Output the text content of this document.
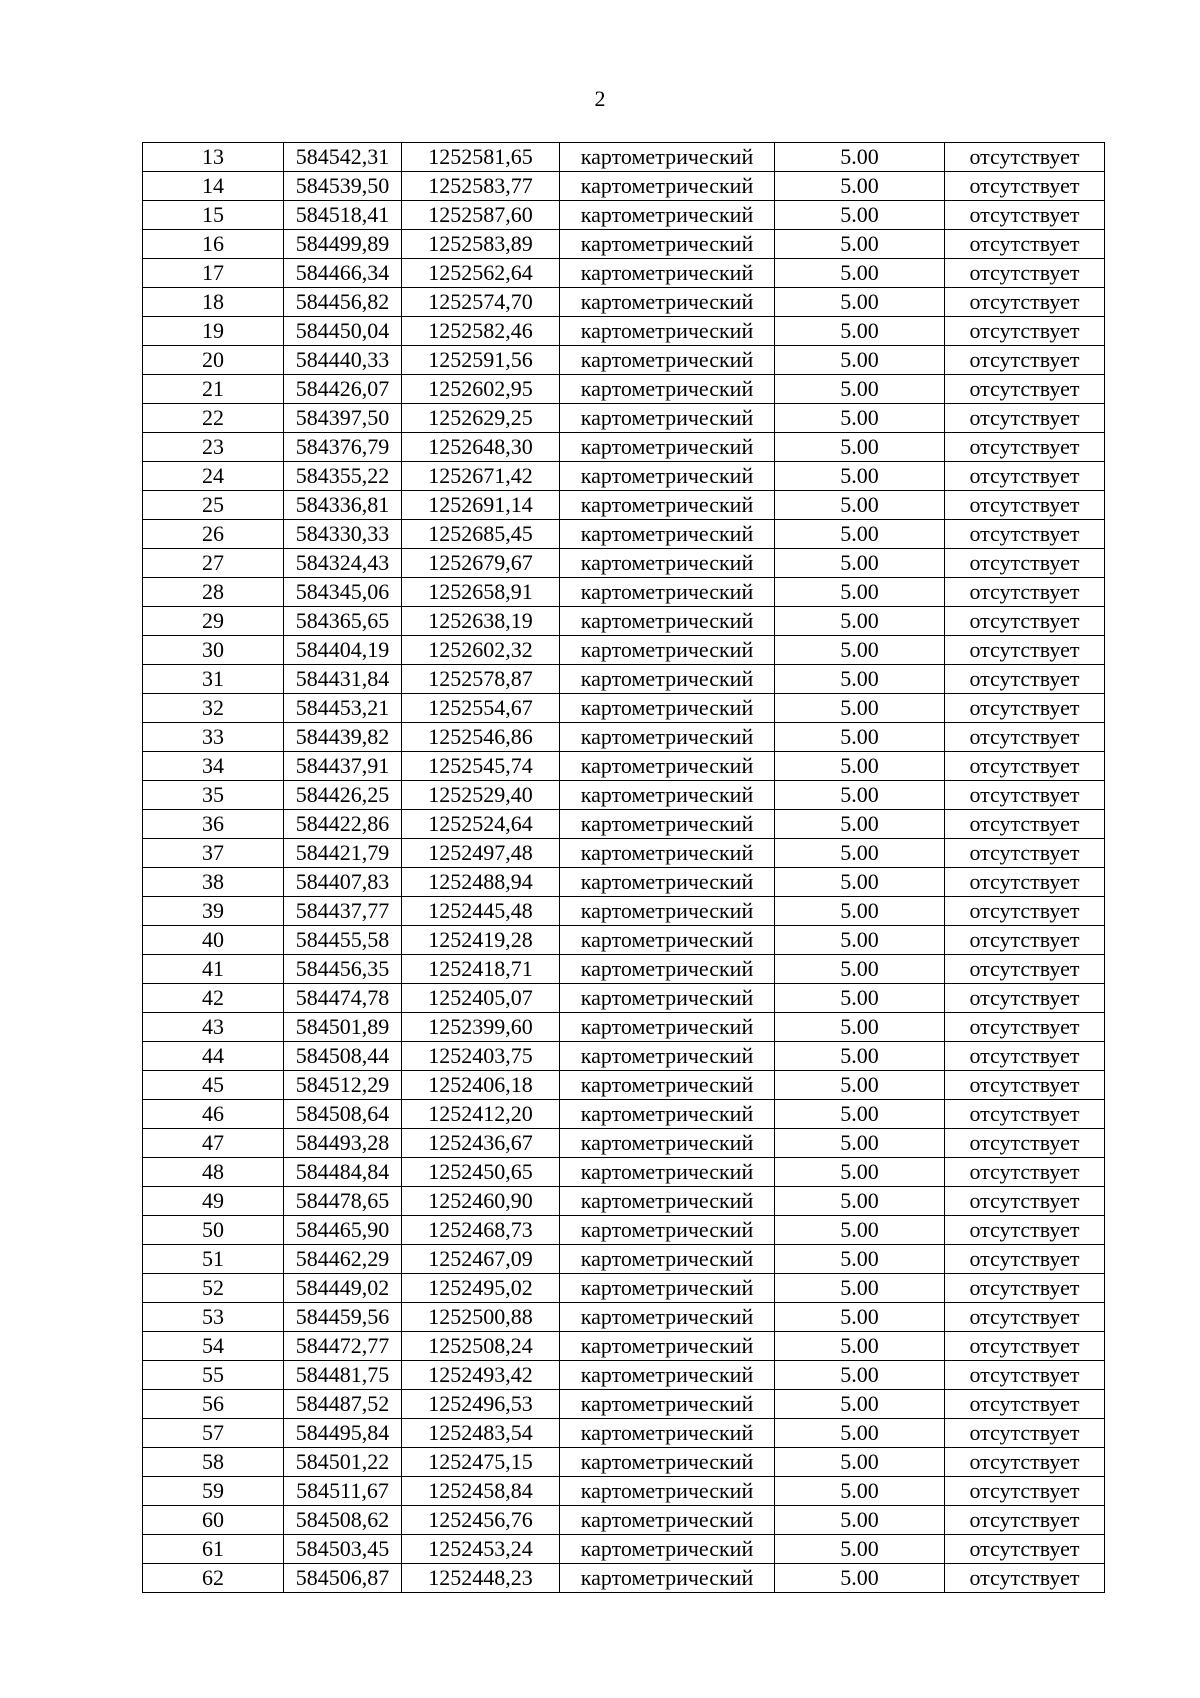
2
13	584542,31	1252581,65	картометрический	5.00	отсутствует
14	584539,50	1252583,77	картометрический	5.00	отсутствует
15	584518,41	1252587,60	картометрический	5.00	отсутствует
16	584499,89	1252583,89	картометрический	5.00	отсутствует
17	584466,34	1252562,64	картометрический	5.00	отсутствует
18	584456,82	1252574,70	картометрический	5.00	отсутствует
19	584450,04	1252582,46	картометрический	5.00	отсутствует
20	584440,33	1252591,56	картометрический	5.00	отсутствует
21	584426,07	1252602,95	картометрический	5.00	отсутствует
22	584397,50	1252629,25	картометрический	5.00	отсутствует
23	584376,79	1252648,30	картометрический	5.00	отсутствует
24	584355,22	1252671,42	картометрический	5.00	отсутствует
25	584336,81	1252691,14	картометрический	5.00	отсутствует
26	584330,33	1252685,45	картометрический	5.00	отсутствует
27	584324,43	1252679,67	картометрический	5.00	отсутствует
28	584345,06	1252658,91	картометрический	5.00	отсутствует
29	584365,65	1252638,19	картометрический	5.00	отсутствует
30	584404,19	1252602,32	картометрический	5.00	отсутствует
31	584431,84	1252578,87	картометрический	5.00	отсутствует
32	584453,21	1252554,67	картометрический	5.00	отсутствует
33	584439,82	1252546,86	картометрический	5.00	отсутствует
34	584437,91	1252545,74	картометрический	5.00	отсутствует
35	584426,25	1252529,40	картометрический	5.00	отсутствует
36	584422,86	1252524,64	картометрический	5.00	отсутствует
37	584421,79	1252497,48	картометрический	5.00	отсутствует
38	584407,83	1252488,94	картометрический	5.00	отсутствует
39	584437,77	1252445,48	картометрический	5.00	отсутствует
40	584455,58	1252419,28	картометрический	5.00	отсутствует
41	584456,35	1252418,71	картометрический	5.00	отсутствует
42	584474,78	1252405,07	картометрический	5.00	отсутствует
43	584501,89	1252399,60	картометрический	5.00	отсутствует
44	584508,44	1252403,75	картометрический	5.00	отсутствует
45	584512,29	1252406,18	картометрический	5.00	отсутствует
46	584508,64	1252412,20	картометрический	5.00	отсутствует
47	584493,28	1252436,67	картометрический	5.00	отсутствует
48	584484,84	1252450,65	картометрический	5.00	отсутствует
49	584478,65	1252460,90	картометрический	5.00	отсутствует
50	584465,90	1252468,73	картометрический	5.00	отсутствует
51	584462,29	1252467,09	картометрический	5.00	отсутствует
52	584449,02	1252495,02	картометрический	5.00	отсутствует
53	584459,56	1252500,88	картометрический	5.00	отсутствует
54	584472,77	1252508,24	картометрический	5.00	отсутствует
55	584481,75	1252493,42	картометрический	5.00	отсутствует
56	584487,52	1252496,53	картометрический	5.00	отсутствует
57	584495,84	1252483,54	картометрический	5.00	отсутствует
58	584501,22	1252475,15	картометрический	5.00	отсутствует
59	584511,67	1252458,84	картометрический	5.00	отсутствует
60	584508,62	1252456,76	картометрический	5.00	отсутствует
61	584503,45	1252453,24	картометрический	5.00	отсутствует
62	584506,87	1252448,23	картометрический	5.00	отсутствует
